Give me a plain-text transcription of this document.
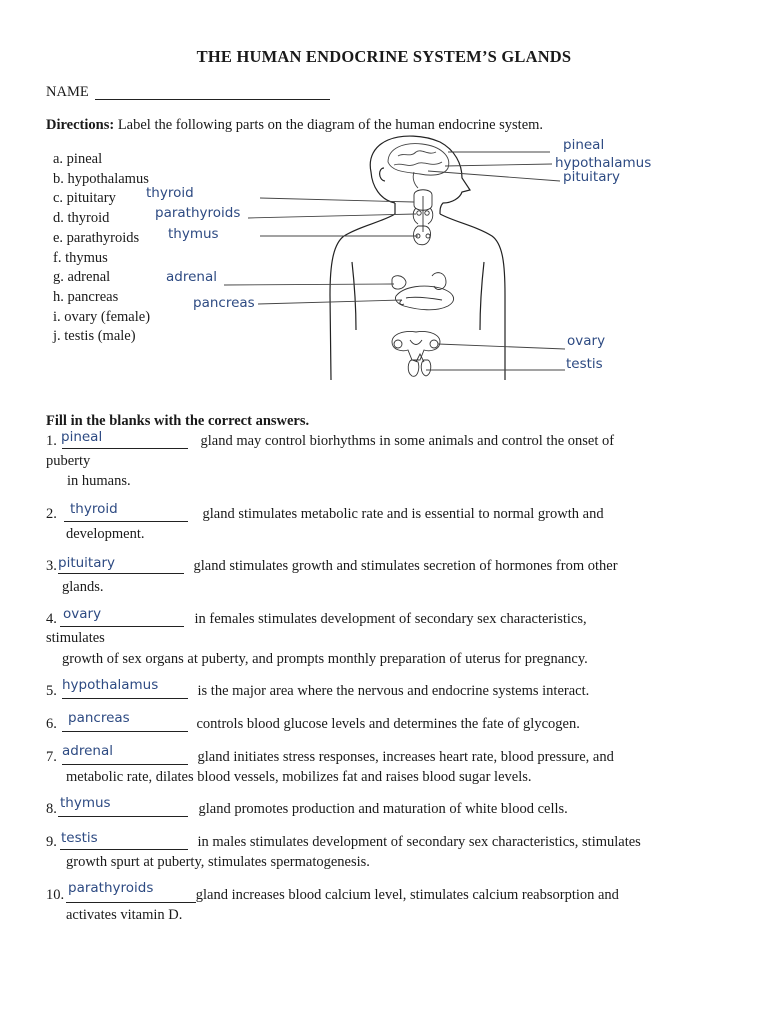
THE HUMAN ENDOCRINE SYSTEM’S GLANDS
NAME
Directions: Label the following parts on the diagram of the human endocrine system.
a. pineal
b. hypothalamus
c. pituitary
d. thyroid
e. parathyroids
f. thymus
g. adrenal
h. pancreas
i. ovary (female)
j. testis (male)
pineal
hypothalamus
pituitary
thyroid
parathyroids
thymus
adrenal
pancreas
ovary
testis
Fill in the blanks with the correct answers.
1.	gland may control biorhythms in some animals and control the onset of
pineal
puberty
in humans.
2.	gland stimulates metabolic rate and is essential to normal growth and
thyroid
development.
3.	gland stimulates growth and stimulates secretion of hormones from other
pituitary
glands.
4.	in females stimulates development of secondary sex characteristics,
ovary
stimulates
growth of sex organs at puberty, and prompts monthly preparation of uterus for pregnancy.
5.	is the major area where the nervous and endocrine systems interact.
hypothalamus
6.	controls blood glucose levels and determines the fate of glycogen.
pancreas
7.	gland initiates stress responses, increases heart rate, blood pressure, and
adrenal
metabolic rate, dilates blood vessels, mobilizes fat and raises blood sugar levels.
8.	gland promotes production and maturation of white blood cells.
thymus
9.	in males stimulates development of secondary sex characteristics, stimulates
testis
growth spurt at puberty, stimulates spermatogenesis.
10.	gland increases blood calcium level, stimulates calcium reabsorption and
parathyroids
activates vitamin D.
